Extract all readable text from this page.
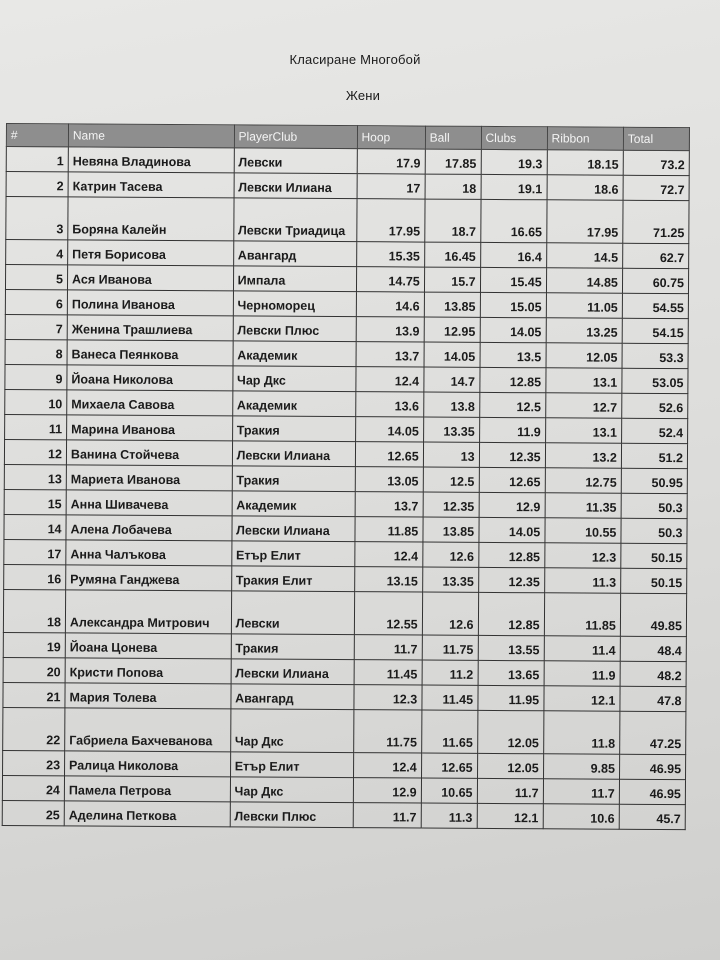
Класиране Многобой
Жени
#	Name	PlayerClub	Hoop	Ball	Clubs	Ribbon	Total
1	Невяна Владинова	Левски	17.9	17.85	19.3	18.15	73.2
2	Катрин Тасева	Левски Илиана	17	18	19.1	18.6	72.7
3	Боряна Калейн	Левски Триадица	17.95	18.7	16.65	17.95	71.25
4	Петя Борисова	Авангард	15.35	16.45	16.4	14.5	62.7
5	Ася Иванова	Импала	14.75	15.7	15.45	14.85	60.75
6	Полина Иванова	Черноморец	14.6	13.85	15.05	11.05	54.55
7	Женина Трашлиева	Левски Плюс	13.9	12.95	14.05	13.25	54.15
8	Ванеса Пеянкова	Академик	13.7	14.05	13.5	12.05	53.3
9	Йоана Николова	Чар Дкс	12.4	14.7	12.85	13.1	53.05
10	Михаела Савова	Академик	13.6	13.8	12.5	12.7	52.6
11	Марина Иванова	Тракия	14.05	13.35	11.9	13.1	52.4
12	Ванина Стойчева	Левски Илиана	12.65	13	12.35	13.2	51.2
13	Мариета Иванова	Тракия	13.05	12.5	12.65	12.75	50.95
15	Анна Шивачева	Академик	13.7	12.35	12.9	11.35	50.3
14	Алена Лобачева	Левски Илиана	11.85	13.85	14.05	10.55	50.3
17	Анна Чалъкова	Етър Елит	12.4	12.6	12.85	12.3	50.15
16	Румяна Ганджева	Тракия Елит	13.15	13.35	12.35	11.3	50.15
18	Александра Митрович	Левски	12.55	12.6	12.85	11.85	49.85
19	Йоана Цонева	Тракия	11.7	11.75	13.55	11.4	48.4
20	Кристи Попова	Левски Илиана	11.45	11.2	13.65	11.9	48.2
21	Мария Толева	Авангард	12.3	11.45	11.95	12.1	47.8
22	Габриела Бахчеванова	Чар Дкс	11.75	11.65	12.05	11.8	47.25
23	Ралица Николова	Етър Елит	12.4	12.65	12.05	9.85	46.95
24	Памела Петрова	Чар Дкс	12.9	10.65	11.7	11.7	46.95
25	Аделина Петкова	Левски Плюс	11.7	11.3	12.1	10.6	45.7
